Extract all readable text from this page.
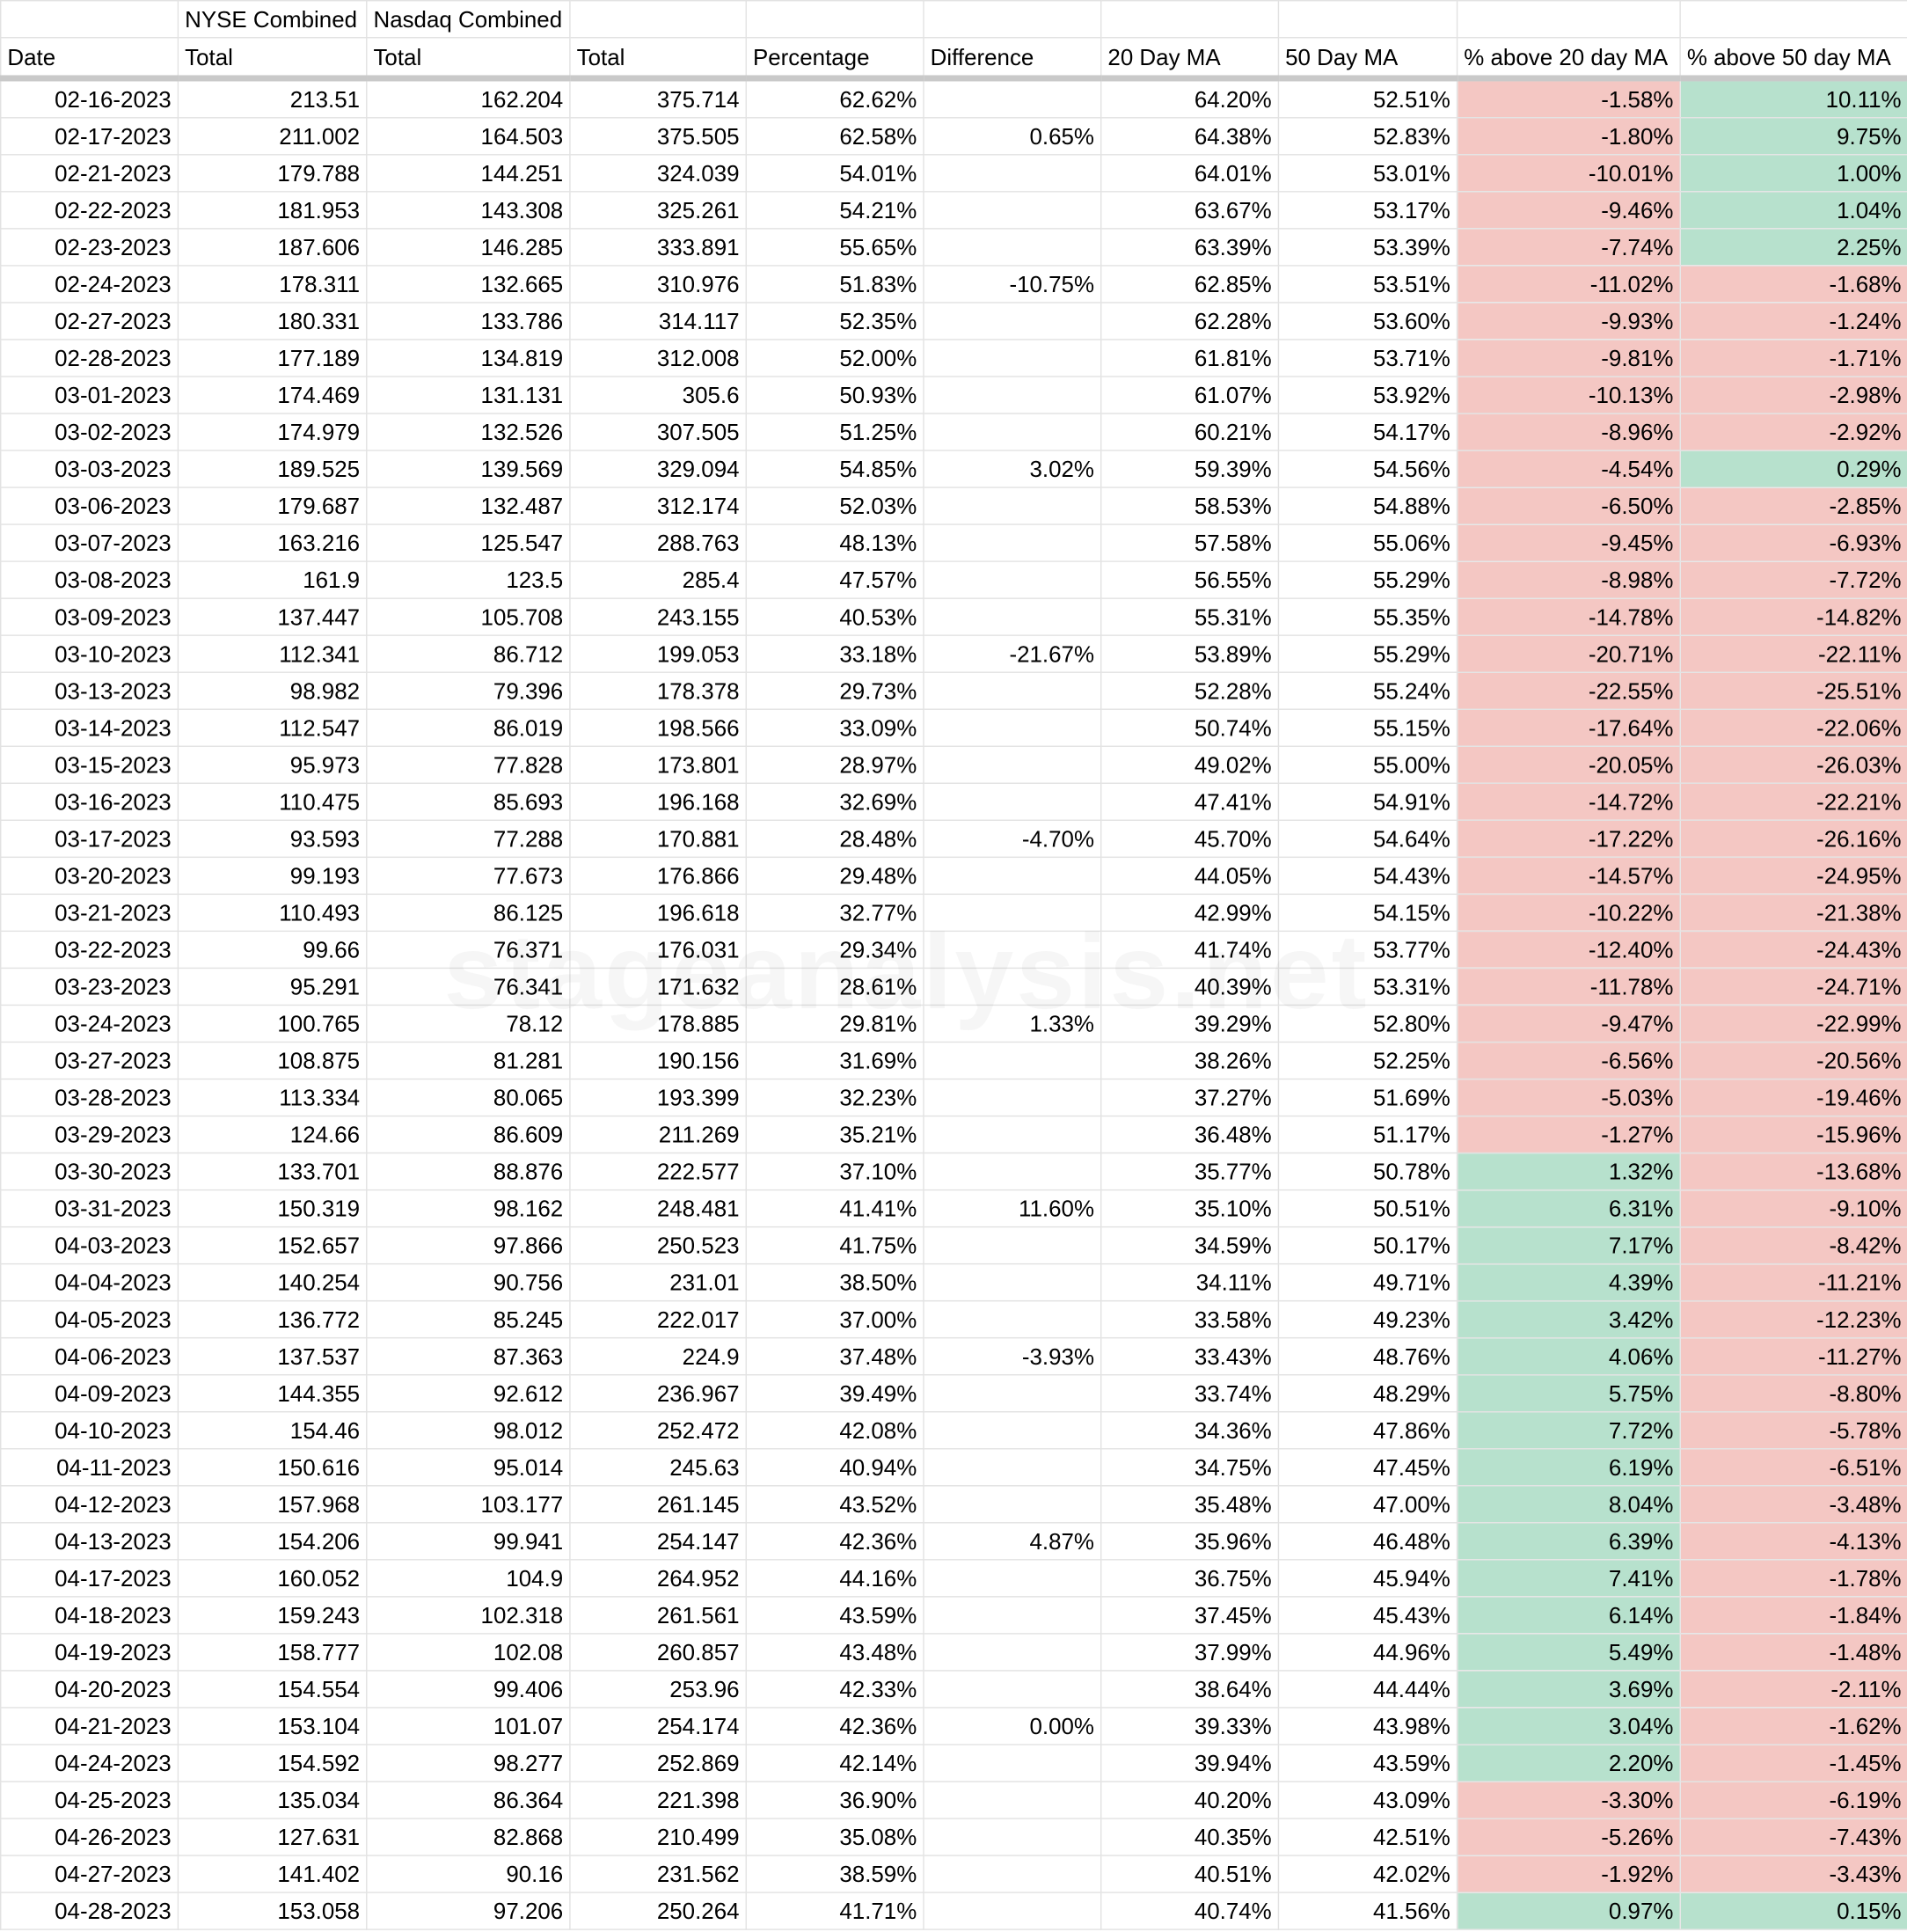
	NYSE Combined	Nasdaq Combined							
Date	Total	Total	Total	Percentage	Difference	20 Day MA	50 Day MA	% above 20 day MA	% above 50 day MA
02-16-2023	213.51	162.204	375.714	62.62%		64.20%	52.51%	-1.58%	10.11%
02-17-2023	211.002	164.503	375.505	62.58%	0.65%	64.38%	52.83%	-1.80%	9.75%
02-21-2023	179.788	144.251	324.039	54.01%		64.01%	53.01%	-10.01%	1.00%
02-22-2023	181.953	143.308	325.261	54.21%		63.67%	53.17%	-9.46%	1.04%
02-23-2023	187.606	146.285	333.891	55.65%		63.39%	53.39%	-7.74%	2.25%
02-24-2023	178.311	132.665	310.976	51.83%	-10.75%	62.85%	53.51%	-11.02%	-1.68%
02-27-2023	180.331	133.786	314.117	52.35%		62.28%	53.60%	-9.93%	-1.24%
02-28-2023	177.189	134.819	312.008	52.00%		61.81%	53.71%	-9.81%	-1.71%
03-01-2023	174.469	131.131	305.6	50.93%		61.07%	53.92%	-10.13%	-2.98%
03-02-2023	174.979	132.526	307.505	51.25%		60.21%	54.17%	-8.96%	-2.92%
03-03-2023	189.525	139.569	329.094	54.85%	3.02%	59.39%	54.56%	-4.54%	0.29%
03-06-2023	179.687	132.487	312.174	52.03%		58.53%	54.88%	-6.50%	-2.85%
03-07-2023	163.216	125.547	288.763	48.13%		57.58%	55.06%	-9.45%	-6.93%
03-08-2023	161.9	123.5	285.4	47.57%		56.55%	55.29%	-8.98%	-7.72%
03-09-2023	137.447	105.708	243.155	40.53%		55.31%	55.35%	-14.78%	-14.82%
03-10-2023	112.341	86.712	199.053	33.18%	-21.67%	53.89%	55.29%	-20.71%	-22.11%
03-13-2023	98.982	79.396	178.378	29.73%		52.28%	55.24%	-22.55%	-25.51%
03-14-2023	112.547	86.019	198.566	33.09%		50.74%	55.15%	-17.64%	-22.06%
03-15-2023	95.973	77.828	173.801	28.97%		49.02%	55.00%	-20.05%	-26.03%
03-16-2023	110.475	85.693	196.168	32.69%		47.41%	54.91%	-14.72%	-22.21%
03-17-2023	93.593	77.288	170.881	28.48%	-4.70%	45.70%	54.64%	-17.22%	-26.16%
03-20-2023	99.193	77.673	176.866	29.48%		44.05%	54.43%	-14.57%	-24.95%
03-21-2023	110.493	86.125	196.618	32.77%		42.99%	54.15%	-10.22%	-21.38%
03-22-2023	99.66	76.371	176.031	29.34%		41.74%	53.77%	-12.40%	-24.43%
03-23-2023	95.291	76.341	171.632	28.61%		40.39%	53.31%	-11.78%	-24.71%
03-24-2023	100.765	78.12	178.885	29.81%	1.33%	39.29%	52.80%	-9.47%	-22.99%
03-27-2023	108.875	81.281	190.156	31.69%		38.26%	52.25%	-6.56%	-20.56%
03-28-2023	113.334	80.065	193.399	32.23%		37.27%	51.69%	-5.03%	-19.46%
03-29-2023	124.66	86.609	211.269	35.21%		36.48%	51.17%	-1.27%	-15.96%
03-30-2023	133.701	88.876	222.577	37.10%		35.77%	50.78%	1.32%	-13.68%
03-31-2023	150.319	98.162	248.481	41.41%	11.60%	35.10%	50.51%	6.31%	-9.10%
04-03-2023	152.657	97.866	250.523	41.75%		34.59%	50.17%	7.17%	-8.42%
04-04-2023	140.254	90.756	231.01	38.50%		34.11%	49.71%	4.39%	-11.21%
04-05-2023	136.772	85.245	222.017	37.00%		33.58%	49.23%	3.42%	-12.23%
04-06-2023	137.537	87.363	224.9	37.48%	-3.93%	33.43%	48.76%	4.06%	-11.27%
04-09-2023	144.355	92.612	236.967	39.49%		33.74%	48.29%	5.75%	-8.80%
04-10-2023	154.46	98.012	252.472	42.08%		34.36%	47.86%	7.72%	-5.78%
04-11-2023	150.616	95.014	245.63	40.94%		34.75%	47.45%	6.19%	-6.51%
04-12-2023	157.968	103.177	261.145	43.52%		35.48%	47.00%	8.04%	-3.48%
04-13-2023	154.206	99.941	254.147	42.36%	4.87%	35.96%	46.48%	6.39%	-4.13%
04-17-2023	160.052	104.9	264.952	44.16%		36.75%	45.94%	7.41%	-1.78%
04-18-2023	159.243	102.318	261.561	43.59%		37.45%	45.43%	6.14%	-1.84%
04-19-2023	158.777	102.08	260.857	43.48%		37.99%	44.96%	5.49%	-1.48%
04-20-2023	154.554	99.406	253.96	42.33%		38.64%	44.44%	3.69%	-2.11%
04-21-2023	153.104	101.07	254.174	42.36%	0.00%	39.33%	43.98%	3.04%	-1.62%
04-24-2023	154.592	98.277	252.869	42.14%		39.94%	43.59%	2.20%	-1.45%
04-25-2023	135.034	86.364	221.398	36.90%		40.20%	43.09%	-3.30%	-6.19%
04-26-2023	127.631	82.868	210.499	35.08%		40.35%	42.51%	-5.26%	-7.43%
04-27-2023	141.402	90.16	231.562	38.59%		40.51%	42.02%	-1.92%	-3.43%
04-28-2023	153.058	97.206	250.264	41.71%		40.74%	41.56%	0.97%	0.15%
